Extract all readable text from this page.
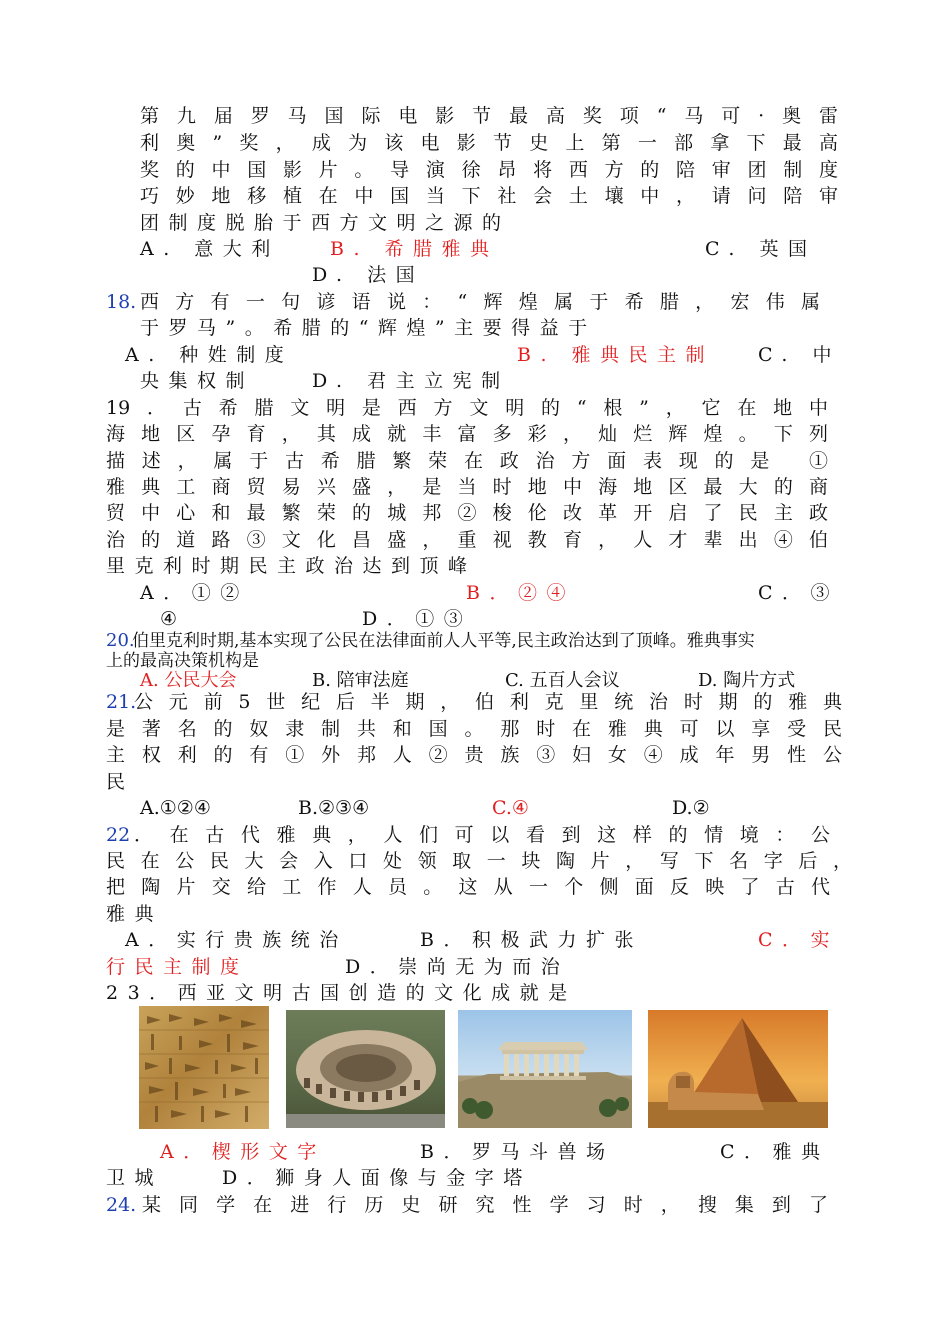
第九届罗马国际电影节最高奖项“马可·奥雷
利奥”奖，成为该电影节史上第一部拿下最高
奖的中国影片。导演徐昂将西方的陪审团制度
巧妙地移植在中国当下社会土壤中，请问陪审
团制度脱胎于西方文明之源的
A. 意大利	B. 希腊雅典	C. 英国
D. 法国
18. 西方有一句谚语说：“辉煌属于希腊，宏伟属
于罗马”。希腊的“辉煌”主要得益于
A. 种姓制度	B. 雅典民主制 C. 中
央集权制	D. 君主立宪制
19．古希腊文明是西方文明的“根”，它在地中
海地区孕育，其成就丰富多彩，灿烂辉煌。下列
描述，属于古希腊繁荣在政治方面表现的是 ①
雅典工商贸易兴盛，是当时地中海地区最大的商
贸中心和最繁荣的城邦②梭伦改革开启了民主政
治的道路③文化昌盛，重视教育，人才辈出④伯
里克利时期民主政治达到顶峰
A．①②	B．②④	C．③
④	D．①③
20.
伯里克利时期,基本实现了公民在法律面前人人平等,民主政治达到了顶峰。雅典事实
上的最高决策机构是
A. 公民大会	B. 陪审法庭	C. 五百人会议	D. 陶片方式
21.
公元前5世纪后半期，伯利克里统治时期的雅典
是著名的奴隶制共和国。那时在雅典可以享受民
主权利的有①外邦人②贵族③妇女④成年男性公
民
A.①②④	B.②③④	C.④	D.②
22 ．在古代雅典，人们可以看到这样的情境：公
民在公民大会入口处领取一块陶片，写下名字后，
把陶片交给工作人员。这从一个侧面反映了古代
雅典
A．实行贵族统治	B．积极武力扩张	C．实
行民主制度	D．崇尚无为而治
23．西亚文明古国创造的文化成就是
A．楔形文字	B．罗马斗兽场	C．雅典
卫城	D．狮身人面像与金字塔
24. 某同学在进行历史研究性学习时，搜集到了
